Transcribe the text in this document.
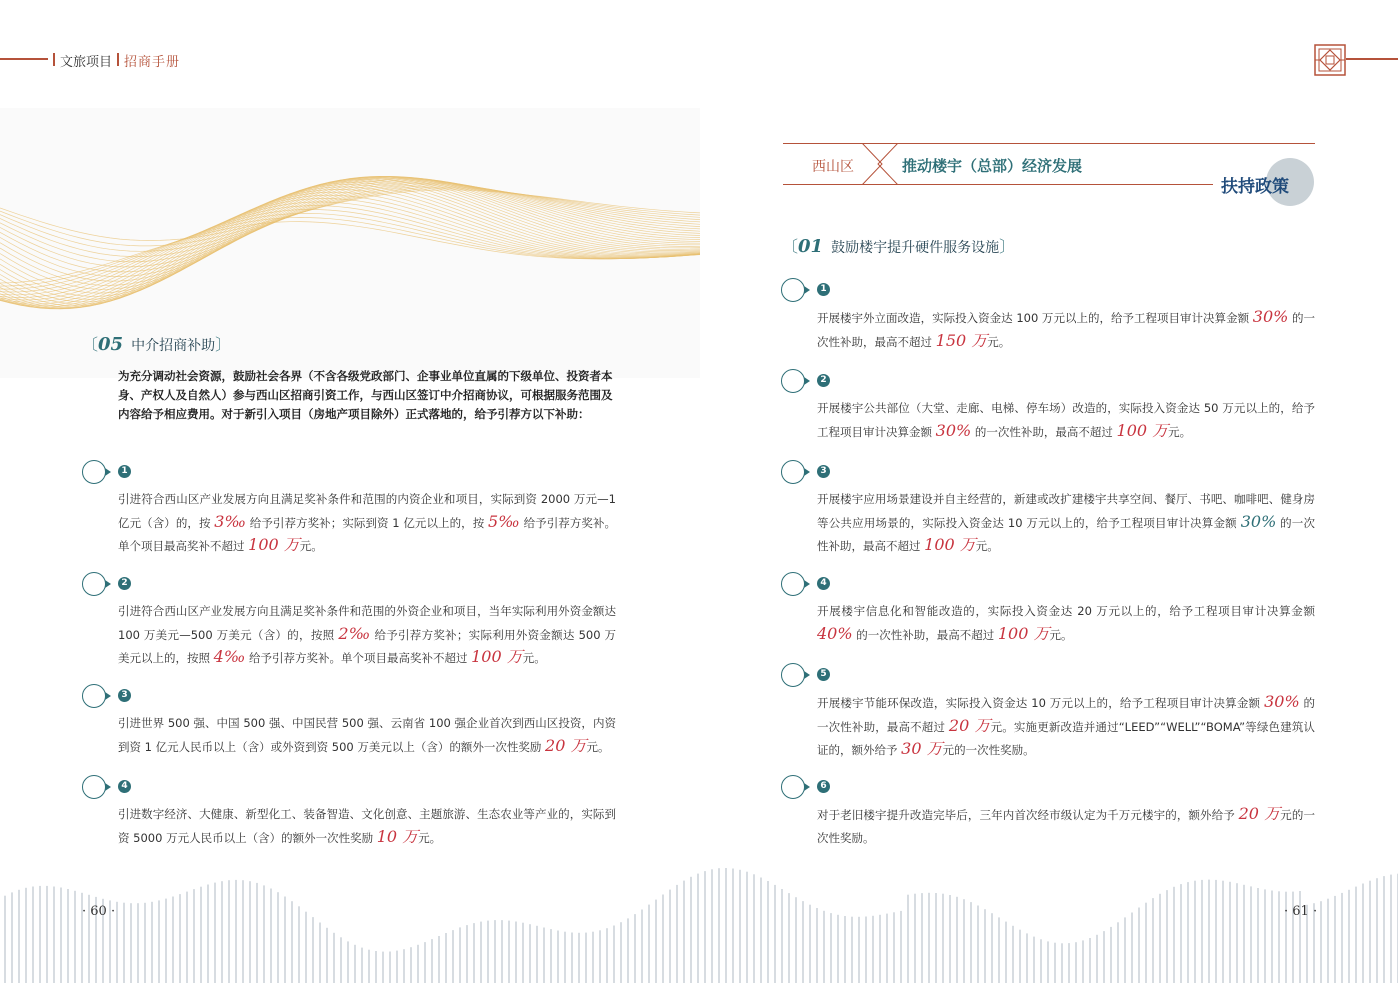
文旅项目 招商手册
〔05 中介招商补助〕
为充分调动社会资源，鼓励社会各界（不含各级党政部门、企事业单位直属的下级单位、投资者本身、产权人及自然人）参与西山区招商引资工作，与西山区签订中介招商协议，可根据服务范围及内容给予相应费用。对于新引入项目（房地产项目除外）正式落地的，给予引荐方以下补助：
1
引进符合西山区产业发展方向且满足奖补条件和范围的内资企业和项目，实际到资 2000 万元—1 亿元（含）的，按 3‰ 给予引荐方奖补；实际到资 1 亿元以上的，按 5‰ 给予引荐方奖补。单个项目最高奖补不超过 100 万元。
2
引进符合西山区产业发展方向且满足奖补条件和范围的外资企业和项目，当年实际利用外资金额达 100 万美元—500 万美元（含）的，按照 2‰ 给予引荐方奖补；实际利用外资金额达 500 万美元以上的，按照 4‰ 给予引荐方奖补。单个项目最高奖补不超过 100 万元。
3
引进世界 500 强、中国 500 强、中国民营 500 强、云南省 100 强企业首次到西山区投资，内资到资 1 亿元人民币以上（含）或外资到资 500 万美元以上（含）的额外一次性奖励 20 万元。
4
引进数字经济、大健康、新型化工、装备智造、文化创意、主题旅游、生态农业等产业的，实际到资 5000 万元人民币以上（含）的额外一次性奖励 10 万元。
西山区	推动楼宇（总部）经济发展
扶持政策
〔01 鼓励楼宇提升硬件服务设施〕
1
开展楼宇外立面改造，实际投入资金达 100 万元以上的，给予工程项目审计决算金额 30% 的一次性补助，最高不超过 150 万元。
2
开展楼宇公共部位（大堂、走廊、电梯、停车场）改造的，实际投入资金达 50 万元以上的，给予工程项目审计决算金额 30% 的一次性补助，最高不超过 100 万元。
3
开展楼宇应用场景建设并自主经营的，新建或改扩建楼宇共享空间、餐厅、书吧、咖啡吧、健身房等公共应用场景的，实际投入资金达 10 万元以上的，给予工程项目审计决算金额 30% 的一次性补助，最高不超过 100 万元。
4
开展楼宇信息化和智能改造的，实际投入资金达 20 万元以上的，给予工程项目审计决算金额 40% 的一次性补助，最高不超过 100 万元。
5
开展楼宇节能环保改造，实际投入资金达 10 万元以上的，给予工程项目审计决算金额 30% 的一次性补助，最高不超过 20 万元。实施更新改造并通过“LEED”“WELL”“BOMA”等绿色建筑认证的，额外给予 30 万元的一次性奖励。
6
对于老旧楼宇提升改造完毕后，三年内首次经市级认定为千万元楼宇的，额外给予 20 万元的一次性奖励。
· 60 ·	· 61 ·
